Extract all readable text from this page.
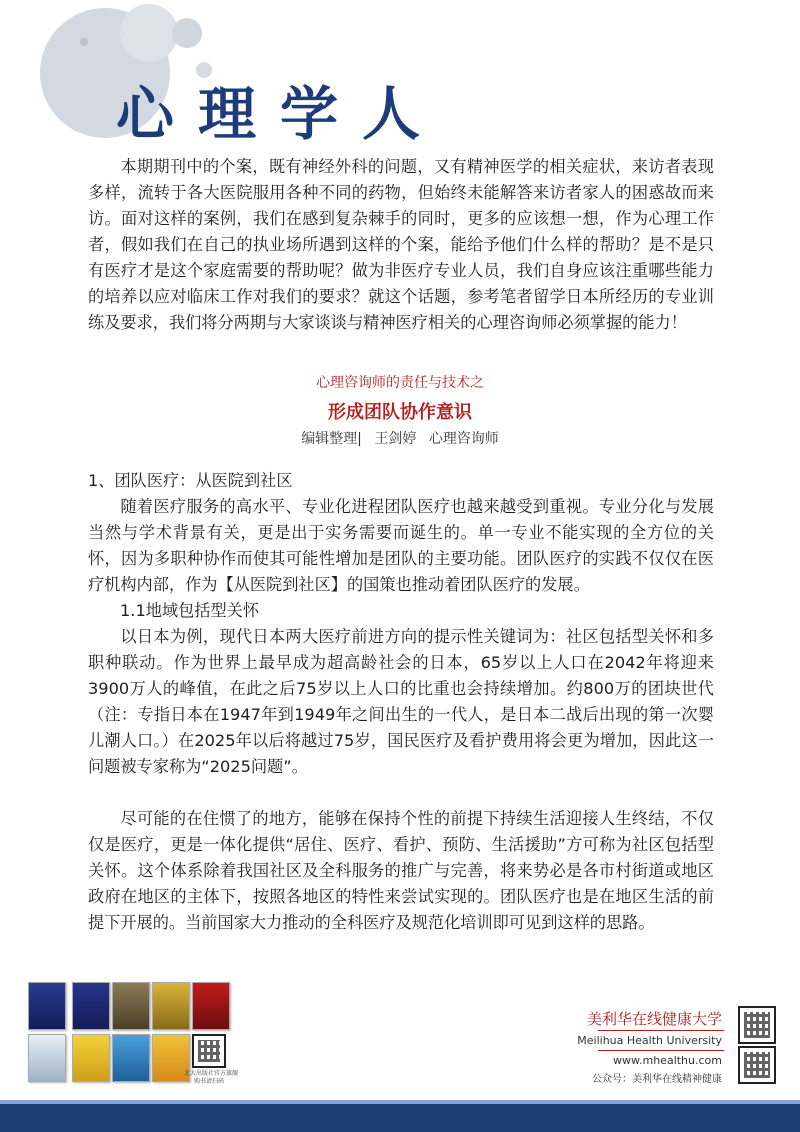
心理学人

本期期刊中的个案，既有神经外科的问题，又有精神医学的相关症状，来访者表现多样，流转于各大医院服用各种不同的药物，但始终未能解答来访者家人的困惑故而来访。面对这样的案例，我们在感到复杂棘手的同时，更多的应该想一想，作为心理工作者，假如我们在自己的执业场所遇到这样的个案，能给予他们什么样的帮助？是不是只有医疗才是这个家庭需要的帮助呢？做为非医疗专业人员，我们自身应该注重哪些能力的培养以应对临床工作对我们的要求？就这个话题，参考笔者留学日本所经历的专业训练及要求，我们将分两期与大家谈谈与精神医疗相关的心理咨询师必须掌握的能力！

心理咨询师的责任与技术之
形成团队协作意识
编辑整理| 王剑婷 心理咨询师

1、团队医疗：从医院到社区

随着医疗服务的高水平、专业化进程团队医疗也越来越受到重视。专业分化与发展当然与学术背景有关，更是出于实务需要而诞生的。单一专业不能实现的全方位的关怀，因为多职种协作而使其可能性增加是团队的主要功能。团队医疗的实践不仅仅在医疗机构内部，作为【从医院到社区】的国策也推动着团队医疗的发展。

1.1地域包括型关怀

以日本为例，现代日本两大医疗前进方向的提示性关键词为：社区包括型关怀和多职种联动。作为世界上最早成为超高龄社会的日本，65岁以上人口在2042年将迎来3900万人的峰值，在此之后75岁以上人口的比重也会持续增加。约800万的团块世代（注：专指日本在1947年到1949年之间出生的一代人，是日本二战后出现的第一次婴儿潮人口。）在2025年以后将越过75岁，国民医疗及看护费用将会更为增加，因此这一问题被专家称为“2025问题”。

尽可能的在住惯了的地方，能够在保持个性的前提下持续生活迎接人生终结，不仅仅是医疗，更是一体化提供“居住、医疗、看护、预防、生活援助”方可称为社区包括型关怀。这个体系除着我国社区及全科服务的推广与完善，将来势必是各市村街道或地区政府在地区的主体下，按照各地区的特性来尝试实现的。团队医疗也是在地区生活的前提下开展的。当前国家大力推动的全科医疗及规范化培训即可见到这样的思路。

北大出版社官方旗舰
购书请扫码
美利华在线健康大学
Meilihua Health University
www.mhealthu.com
公众号：美利华在线精神健康
